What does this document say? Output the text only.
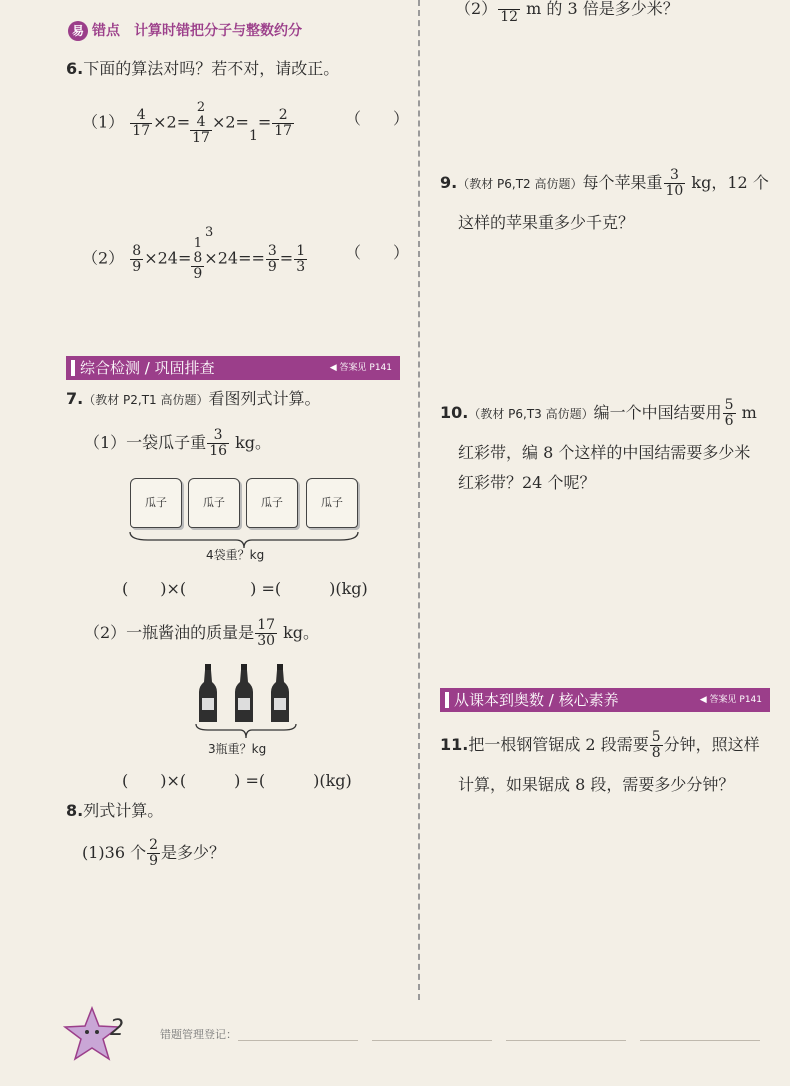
（2）
12 m 的 3 倍是多少米？
易 错点　 计算时错把分子与整数约分
6.下面的算法对吗？若不对，请改正。
$(1) \frac{4}{17} \times 2=$
2
$\frac{4}{17} \times 2=1= \frac{2}{17}$	（　　）
$(2) \frac{8}{9} \times 24=$
1
$\frac{8}{9} \times 24== \frac{3}{9} = \frac{1}{3}$
3
（　　）
综合检测 / 巩固排查	◀ 答案见 P141
7.（教材 P2,T1 高仿题）看图列式计算。
（1）一袋瓜子重 $\frac{3}{16}$ kg。
瓜子	瓜子	瓜子	瓜子
4袋重？kg
(　　)×(　　　　) =(　　　)(kg)
（2）一瓶酱油的质量是 $\frac{17}{30}$ kg。
3瓶重？kg
(　　)×(　　　) =(　　　)(kg)
8.列式计算。
(1)36 个 $\frac{2}{9}$ 是多少？
9.（教材 P6,T2 高仿题）每个苹果重 $\frac{3}{10}$ kg，12 个
这样的苹果重多少千克？
10.（教材 P6,T3 高仿题）编一个中国结要用 $\frac{5}{6}$ m
红彩带，编 8 个这样的中国结需要多少米
红彩带？24 个呢？
从课本到奥数 / 核心素养	◀ 答案见 P141
11.把一根钢管锯成 2 段需要 $\frac{5}{8}$ 分钟，照这样
计算，如果锯成 8 段，需要多少分钟？
2	错题管理登记：
